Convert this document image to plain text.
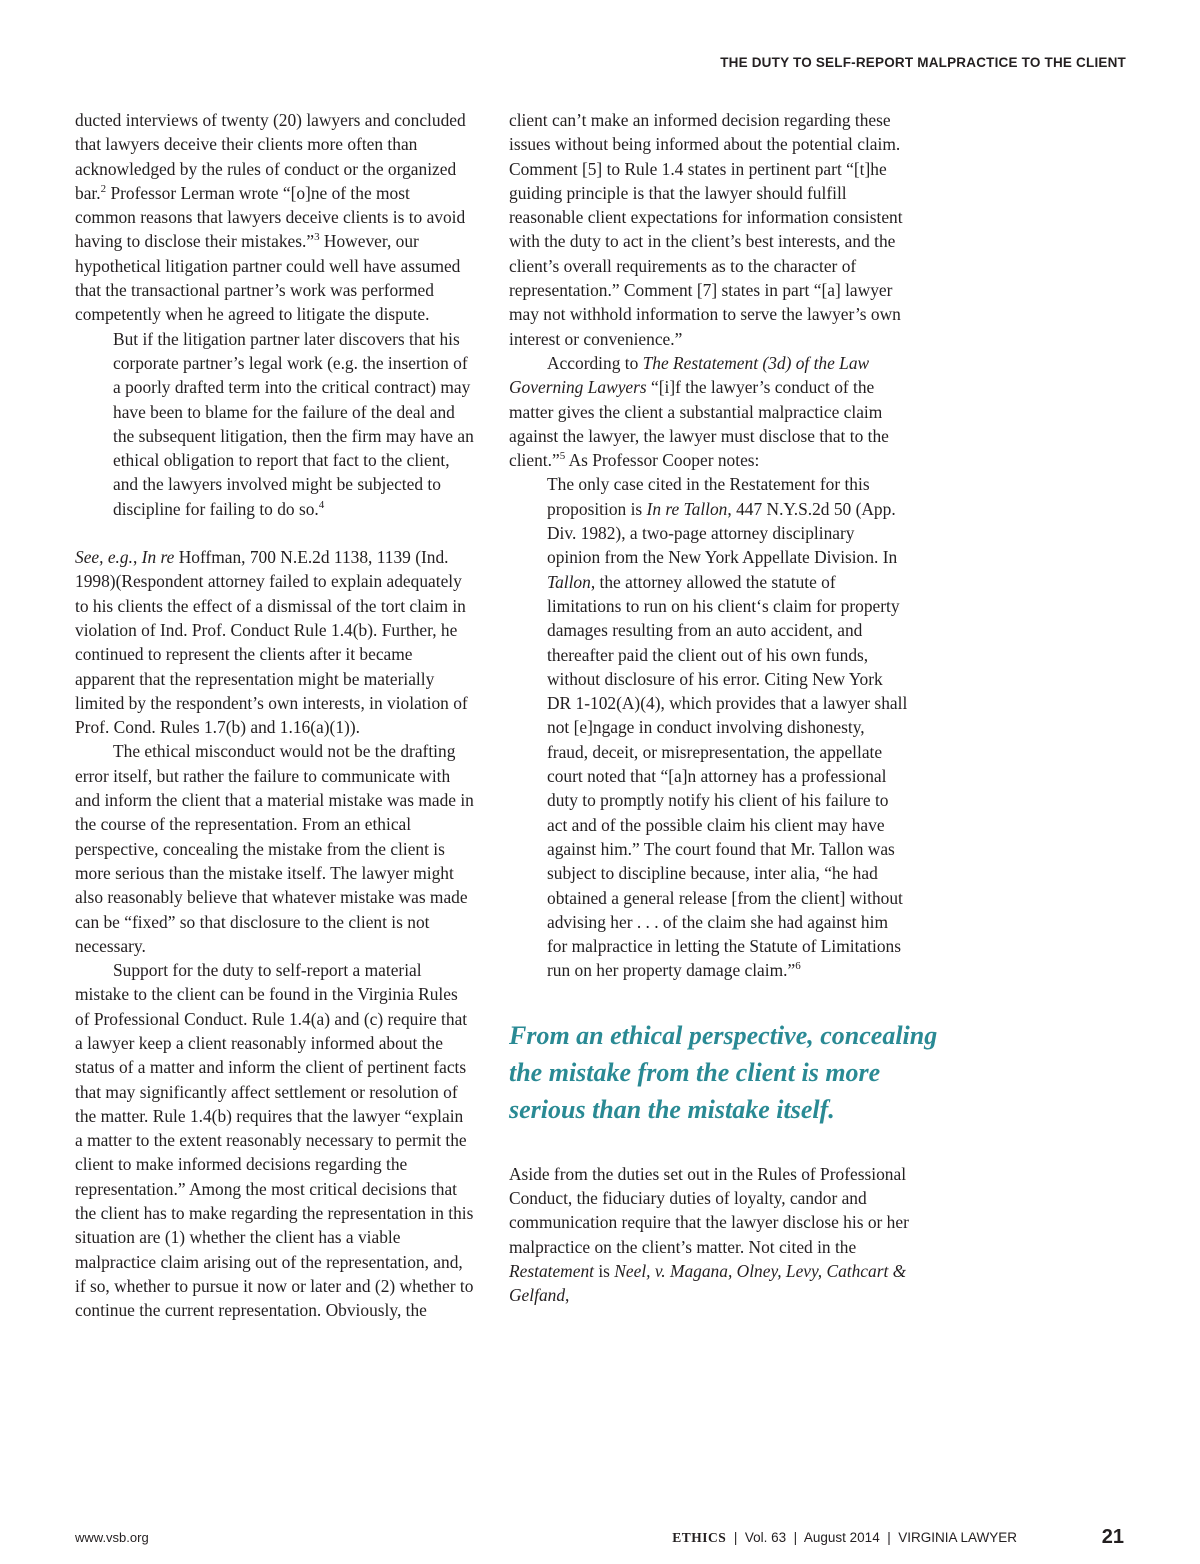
THE DUTY TO SELF-REPORT MALPRACTICE TO THE CLIENT

ducted interviews of twenty (20) lawyers and concluded that lawyers deceive their clients more often than acknowledged by the rules of conduct or the organized bar.$^2$ Professor Lerman wrote “[o]ne of the most common reasons that lawyers deceive clients is to avoid having to disclose their mistakes.”$^3$ However, our hypothetical litigation partner could well have assumed that the transactional partner’s work was performed competently when he agreed to litigate the dispute.

But if the litigation partner later discovers that his corporate partner’s legal work (e.g. the insertion of a poorly drafted term into the critical contract) may have been to blame for the failure of the deal and the subsequent litigation, then the firm may have an ethical obligation to report that fact to the client, and the lawyers involved might be subjected to discipline for failing to do so.$^4$

See, e.g., In re Hoffman, 700 N.E.2d 1138, 1139 (Ind. 1998)(Respondent attorney failed to explain adequately to his clients the effect of a dismissal of the tort claim in violation of Ind. Prof. Conduct Rule 1.4(b). Further, he continued to represent the clients after it became apparent that the representation might be materially limited by the respondent’s own interests, in violation of Prof. Cond. Rules 1.7(b) and 1.16(a)(1)).

The ethical misconduct would not be the drafting error itself, but rather the failure to communicate with and inform the client that a material mistake was made in the course of the representation. From an ethical perspective, concealing the mistake from the client is more serious than the mistake itself. The lawyer might also reasonably believe that whatever mistake was made can be “fixed” so that disclosure to the client is not necessary.

Support for the duty to self-report a material mistake to the client can be found in the Virginia Rules of Professional Conduct. Rule 1.4(a) and (c) require that a lawyer keep a client reasonably informed about the status of a matter and inform the client of pertinent facts that may significantly affect settlement or resolution of the matter. Rule 1.4(b) requires that the lawyer “explain a matter to the extent reasonably necessary to permit the client to make informed decisions regarding the representation.” Among the most critical decisions that the client has to make regarding the representation in this situation are (1) whether the client has a viable malpractice claim arising out of the representation, and, if so, whether to pursue it now or later and (2) whether to continue the current representation. Obviously, the

client can’t make an informed decision regarding these issues without being informed about the potential claim. Comment [5] to Rule 1.4 states in pertinent part “[t]he guiding principle is that the lawyer should fulfill reasonable client expectations for information consistent with the duty to act in the client’s best interests, and the client’s overall requirements as to the character of representation.” Comment [7] states in part “[a] lawyer may not withhold information to serve the lawyer’s own interest or convenience.”

According to The Restatement (3d) of the Law Governing Lawyers “[i]f the lawyer’s conduct of the matter gives the client a substantial malpractice claim against the lawyer, the lawyer must disclose that to the client.”$^5$ As Professor Cooper notes:

The only case cited in the Restatement for this proposition is In re Tallon, 447 N.Y.S.2d 50 (App. Div. 1982), a two-page attorney disciplinary opinion from the New York Appellate Division. In Tallon, the attorney allowed the statute of limitations to run on his client‘s claim for property damages resulting from an auto accident, and thereafter paid the client out of his own funds, without disclosure of his error. Citing New York DR 1-102(A)(4), which provides that a lawyer shall not [e]ngage in conduct involving dishonesty, fraud, deceit, or misrepresentation, the appellate court noted that “[a]n attorney has a professional duty to promptly notify his client of his failure to act and of the possible claim his client may have against him.” The court found that Mr. Tallon was subject to discipline because, inter alia, “he had obtained a general release [from the client] without advising her . . . of the claim she had against him for malpractice in letting the Statute of Limitations run on her property damage claim.”$^6$

From an ethical perspective, concealing the mistake from the client is more serious than the mistake itself.

Aside from the duties set out in the Rules of Professional Conduct, the fiduciary duties of loyalty, candor and communication require that the lawyer disclose his or her malpractice on the client’s matter. Not cited in the Restatement is Neel, v. Magana, Olney, Levy, Cathcart & Gelfand,

www.vsb.org	ETHICS  |  Vol. 63  |  August 2014  |  VIRGINIA LAWYER	21
